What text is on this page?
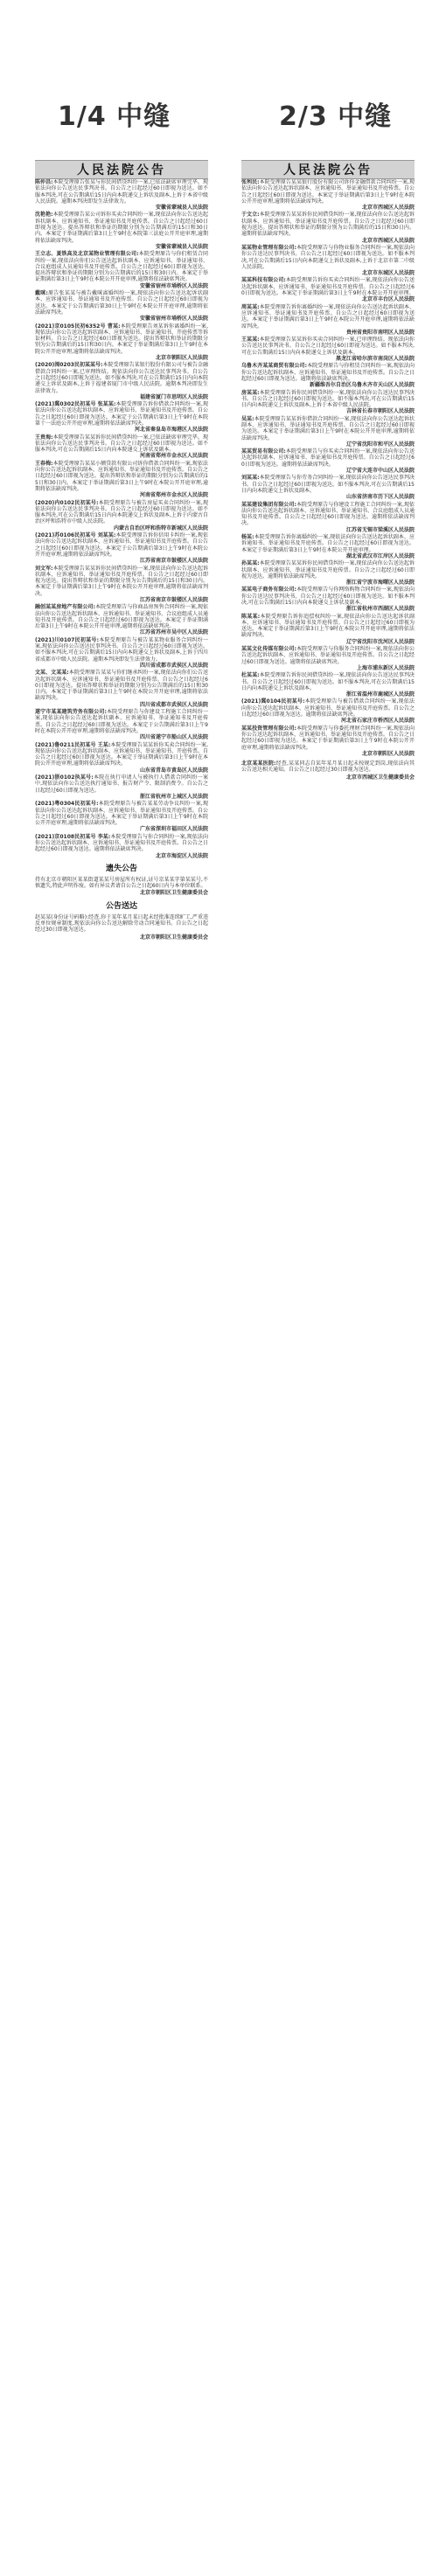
1/4 中缝	2/3 中缝
人民法院公告
陈仲昌:本院受理原告张某与你民间借贷纠纷一案,已依法缺席审理完毕。现依法向你公告送达民事判决书。自公告之日起经过60日即视为送达。如不服本判决,可在公告期满后15日内向本院递交上诉状及副本,上诉于本省中级人民法院。逾期本判决即发生法律效力。
安徽省蒙城县人民法院
沈艳艳:本院受理原告某公司诉你买卖合同纠纷一案,现依法向你公告送达起诉状副本、应诉通知书、举证通知书及开庭传票。自公告之日起经过60日即视为送达。提出答辩状和举证的期限分别为公告期满后的15日和30日内。本案定于举证期满后第3日上午9时在本院第三法庭公开开庭审理,逾期将依法缺席判决。
安徽省蒙城县人民法院
王立志、夏铁高及北京某物业管理有限公司:本院受理原告与你们租赁合同纠纷一案,现依法向你们公告送达起诉状副本、应诉通知书、举证通知书、合议庭组成人员通知书及开庭传票。自公告之日起经过60日即视为送达。提出答辩状和举证的期限分别为公告期满后的15日和30日内。本案定于举证期满后第3日上午9时在本院公开开庭审理,逾期将依法缺席判决。
安徽省宿州市埇桥区人民法院
戴咪:原告张某某与被告戴咪离婚纠纷一案,现依法向你公告送达起诉状副本、应诉通知书、举证通知书及开庭传票。自公告之日起经过60日即视为送达。本案定于公告期满后第30日上午9时在本院公开开庭审理,逾期将依法缺席判决。
安徽省宿州市埇桥区人民法院
(2021)京0105民初6352号 曹某:本院受理原告刘某诉你离婚纠纷一案,现依法向你公告送达起诉状副本、应诉通知书、举证通知书、开庭传票等诉讼材料。自公告之日起经过60日即视为送达。提出答辩状和举证的期限分别为公告期满后的15日和30日内。本案定于举证期满后第3日上午9时在本院公开开庭审理,逾期将依法缺席判决。
北京市朝阳区人民法院
(2020)闽0203民初某某号:本院受理原告某银行股份有限公司与被告金融借款合同纠纷一案,已审理终结。现依法向你公告送达民事判决书。自公告之日起经过60日即视为送达。如不服本判决,可在公告期满后15日内向本院递交上诉状及副本,上诉于福建省厦门市中级人民法院。逾期本判决即发生法律效力。
福建省厦门市思明区人民法院
(2021)冀0302民初某号 张某某:本院受理原告诉你借款合同纠纷一案,现依法向你公告送达起诉状副本、应诉通知书、举证通知书及开庭传票。自公告之日起经过60日即视为送达。本案定于公告期满后第3日上午9时在本院第十一法庭公开开庭审理,逾期将依法缺席判决。
河北省秦皇岛市海港区人民法院
王贵海:本院受理原告某某诉你民间借贷纠纷一案,已依法缺席审理完毕。现依法向你公告送达民事判决书。自公告之日起经过60日即视为送达。如不服本判决,可在公告期满后15日内向本院递交上诉状及副本。
河南省郑州市金水区人民法院
王春梅:本院受理原告某某小额贷款有限公司诉你借款合同纠纷一案,现依法向你公告送达起诉状副本、应诉通知书、举证通知书及开庭传票。自公告之日起经过60日即视为送达。提出答辩状和举证的期限分别为公告期满后的15日和30日内。本案定于举证期满后第3日上午9时在本院公开开庭审理,逾期将依法缺席判决。
河南省郑州市金水区人民法院
(2020)内0102民初某号:本院受理原告与被告房屋买卖合同纠纷一案,现依法向你公告送达民事判决书。自公告之日起经过60日即视为送达。如不服本判决,可在公告期满后15日内向本院递交上诉状及副本,上诉于内蒙古自治区呼和浩特市中级人民法院。
内蒙古自治区呼和浩特市新城区人民法院
(2021)苏0106民初某号 刘某某:本院受理原告诉你信用卡纠纷一案,现依法向你公告送达起诉状副本、应诉通知书、举证通知书及开庭传票。自公告之日起经过60日即视为送达。本案定于公告期满后第3日上午9时在本院公开开庭审理,逾期将依法缺席判决。
江苏省南京市鼓楼区人民法院
刘文军:本院受理原告某某诉你民间借贷纠纷一案,现依法向你公告送达起诉状副本、应诉通知书、举证通知书及开庭传票。自公告之日起经过60日即视为送达。提出答辩状和举证的期限分别为公告期满后的15日和30日内。本案定于举证期满后第3日上午9时在本院公开开庭审理,逾期将依法缺席判决。
江苏省南京市鼓楼区人民法院
融创某某房地产有限公司:本院受理原告与你商品房预售合同纠纷一案,现依法向你公告送达起诉状副本、应诉通知书、举证通知书、合议庭组成人员通知书及开庭传票。自公告之日起经过60日即视为送达。本案定于举证期满后第3日上午9时在本院公开开庭审理,逾期将依法缺席判决。
江苏省苏州市吴中区人民法院
(2021)川0107民初某号:本院受理原告与被告某某物业服务合同纠纷一案,现依法向你公告送达民事判决书。自公告之日起经过60日即视为送达。如不服本判决,可在公告期满后15日内向本院递交上诉状及副本,上诉于四川省成都市中级人民法院。逾期本判决即发生法律效力。
四川省成都市武侯区人民法院
文某、文某某:本院受理原告某某与你们继承纠纷一案,现依法向你们公告送达起诉状副本、应诉通知书、举证通知书及开庭传票。自公告之日起经过60日即视为送达。提出答辩状和举证的期限分别为公告期满后的15日和30日内。本案定于举证期满后第3日上午9时在本院公开开庭审理,逾期将依法缺席判决。
四川省成都市武侯区人民法院
遂宁市某某建筑劳务有限公司:本院受理原告与你建设工程施工合同纠纷一案,现依法向你公告送达起诉状副本、应诉通知书、举证通知书及开庭传票。自公告之日起经过60日即视为送达。本案定于公告期满后第3日上午9时在本院公开开庭审理,逾期将依法缺席判决。
四川省遂宁市船山区人民法院
(2021)鲁0211民初某号 王某:本院受理原告某某诉你买卖合同纠纷一案,现依法向你公告送达起诉状副本、应诉通知书、举证通知书、开庭传票。自公告之日起经过60日即视为送达。本案定于举证期满后第3日上午9时在本院公开开庭审理,逾期将依法缺席判决。
山东省青岛市黄岛区人民法院
(2021)浙0102执某号:本院在执行申请人与被执行人借款合同纠纷一案中,现依法向你公告送达执行通知书、报告财产令、限制消费令。自公告之日起经过60日即视为送达。
浙江省杭州市上城区人民法院
(2021)粤0304民初某号:本院受理原告与被告某某劳动争议纠纷一案,现依法向你公告送达起诉状副本、应诉通知书、举证通知书及开庭传票。自公告之日起经过60日即视为送达。本案定于举证期满后第3日上午9时在本院公开开庭审理,逾期将依法缺席判决。
广东省深圳市福田区人民法院
(2021)京0108民初某号 李某:本院受理原告与你合同纠纷一案,现依法向你公告送达起诉状副本、应诉通知书、举证通知书及开庭传票。自公告之日起经过60日即视为送达。逾期将依法缺席判决。
北京市海淀区人民法院
遗失公告
持有北京市朝阳区某某街道某某号房屋所有权证,证号京某某字第某某号,不慎遗失,特此声明作废。如有异议者请自公告之日起60日内与本单位联系。
北京市朝阳区卫生健康委员会
公告送达
赵某某(身份证号码略):经查,你于某年某月某日起未经批准连续旷工,严重违反单位规章制度,现依法向你公告送达解除劳动合同通知书。自公告之日起经过30日即视为送达。
北京市朝阳区卫生健康委员会
人民法院公告
张利民:本院受理原告某某银行股份有限公司诉你金融借款合同纠纷一案,现依法向你公告送达起诉状副本、应诉通知书、举证通知书及开庭传票。自公告之日起经过60日即视为送达。本案定于举证期满后第3日上午9时在本院公开开庭审理,逾期将依法缺席判决。
北京市西城区人民法院
于文立:本院受理原告某某诉你民间借贷纠纷一案,现依法向你公告送达起诉状副本、应诉通知书、举证通知书及开庭传票。自公告之日起经过60日即视为送达。提出答辩状和举证的期限分别为公告期满后的15日和30日内。逾期将依法缺席判决。
北京市西城区人民法院
某某物业管理有限公司:本院受理原告与你物业服务合同纠纷一案,现依法向你公告送达民事判决书。自公告之日起经过60日即视为送达。如不服本判决,可在公告期满后15日内向本院递交上诉状及副本,上诉于北京市第二中级人民法院。
北京市东城区人民法院
某某科技有限公司:本院受理原告诉你买卖合同纠纷一案,现依法向你公告送达起诉状副本、应诉通知书、举证通知书及开庭传票。自公告之日起经过60日即视为送达。本案定于举证期满后第3日上午9时在本院公开开庭审理。
北京市丰台区人民法院
周某某:本院受理原告诉你离婚纠纷一案,现依法向你公告送达起诉状副本、应诉通知书、举证通知书及开庭传票。自公告之日起经过60日即视为送达。本案定于举证期满后第3日上午9时在本院公开开庭审理,逾期将依法缺席判决。
贵州省贵阳市南明区人民法院
王某某:本院受理原告某某诉你买卖合同纠纷一案,已审理终结。现依法向你公告送达民事判决书。自公告之日起经过60日即视为送达。如不服本判决,可在公告期满后15日内向本院递交上诉状及副本。
黑龙江省哈尔滨市南岗区人民法院
乌鲁木齐某某商贸有限公司:本院受理原告与你租赁合同纠纷一案,现依法向你公告送达起诉状副本、应诉通知书、举证通知书及开庭传票。自公告之日起经过60日即视为送达。逾期将依法缺席判决。
新疆维吾尔自治区乌鲁木齐市天山区人民法院
房某某:本院受理原告诉你民间借贷纠纷一案,现依法向你公告送达民事判决书。自公告之日起经过60日即视为送达。如不服本判决,可在公告期满后15日内向本院递交上诉状及副本,上诉于本省中级人民法院。
吉林省长春市朝阳区人民法院
吴某:本院受理原告某某诉你借款合同纠纷一案,现依法向你公告送达起诉状副本、应诉通知书、举证通知书及开庭传票。自公告之日起经过60日即视为送达。本案定于举证期满后第3日上午9时在本院公开开庭审理,逾期将依法缺席判决。
辽宁省沈阳市和平区人民法院
某某贸易有限公司:本院受理原告与你买卖合同纠纷一案,现依法向你公告送达起诉状副本、应诉通知书、举证通知书及开庭传票。自公告之日起经过60日即视为送达。逾期将依法缺席判决。
辽宁省大连市中山区人民法院
刘某某:本院受理原告与你劳务合同纠纷一案,现依法向你公告送达民事判决书。自公告之日起经过60日即视为送达。如不服本判决,可在公告期满后15日内向本院递交上诉状及副本。
山东省济南市历下区人民法院
某某建设集团有限公司:本院受理原告与你建设工程施工合同纠纷一案,现依法向你公告送达起诉状副本、应诉通知书、举证通知书、合议庭组成人员通知书及开庭传票。自公告之日起经过60日即视为送达。逾期将依法缺席判决。
江苏省无锡市梁溪区人民法院
杨某:本院受理原告诉你离婚纠纷一案,现依法向你公告送达起诉状副本、应诉通知书、举证通知书及开庭传票。自公告之日起经过60日即视为送达。本案定于举证期满后第3日上午9时在本院公开开庭审理。
湖北省武汉市江岸区人民法院
孙某某:本院受理原告某某诉你民间借贷纠纷一案,现依法向你公告送达起诉状副本、应诉通知书、举证通知书及开庭传票。自公告之日起经过60日即视为送达。逾期将依法缺席判决。
浙江省宁波市海曙区人民法院
某某电子商务有限公司:本院受理原告与你网络购物合同纠纷一案,现依法向你公告送达民事判决书。自公告之日起经过60日即视为送达。如不服本判决,可在公告期满后15日内向本院递交上诉状及副本。
浙江省杭州市西湖区人民法院
陈某某:本院受理原告诉你追偿权纠纷一案,现依法向你公告送达起诉状副本、应诉通知书、举证通知书及开庭传票。自公告之日起经过60日即视为送达。本案定于举证期满后第3日上午9时在本院公开开庭审理,逾期将依法缺席判决。
辽宁省沈阳市沈河区人民法院
某某文化传媒有限公司:本院受理原告与你服务合同纠纷一案,现依法向你公告送达起诉状副本、应诉通知书、举证通知书及开庭传票。自公告之日起经过60日即视为送达。逾期将依法缺席判决。
上海市浦东新区人民法院
杜某某:本院受理原告诉你民间借贷纠纷一案,现依法向你公告送达民事判决书。自公告之日起经过60日即视为送达。如不服本判决,可在公告期满后15日内向本院递交上诉状及副本。
浙江省温州市鹿城区人民法院
(2021)冀0104民初某号:本院受理原告与被告借款合同纠纷一案,现依法向你公告送达起诉状副本、应诉通知书、举证通知书及开庭传票。自公告之日起经过60日即视为送达。逾期将依法缺席判决。
河北省石家庄市桥西区人民法院
某某投资管理有限公司:本院受理原告与你委托理财合同纠纷一案,现依法向你公告送达起诉状副本、应诉通知书、举证通知书及开庭传票。自公告之日起经过60日即视为送达。本案定于举证期满后第3日上午9时在本院公开开庭审理,逾期将依法缺席判决。
北京市朝阳区人民法院
北京某某医院:经查,某某同志自某年某月某日起未按规定到岗,现依法向其公告送达相关通知。自公告之日起经过30日即视为送达。
北京市西城区卫生健康委员会
